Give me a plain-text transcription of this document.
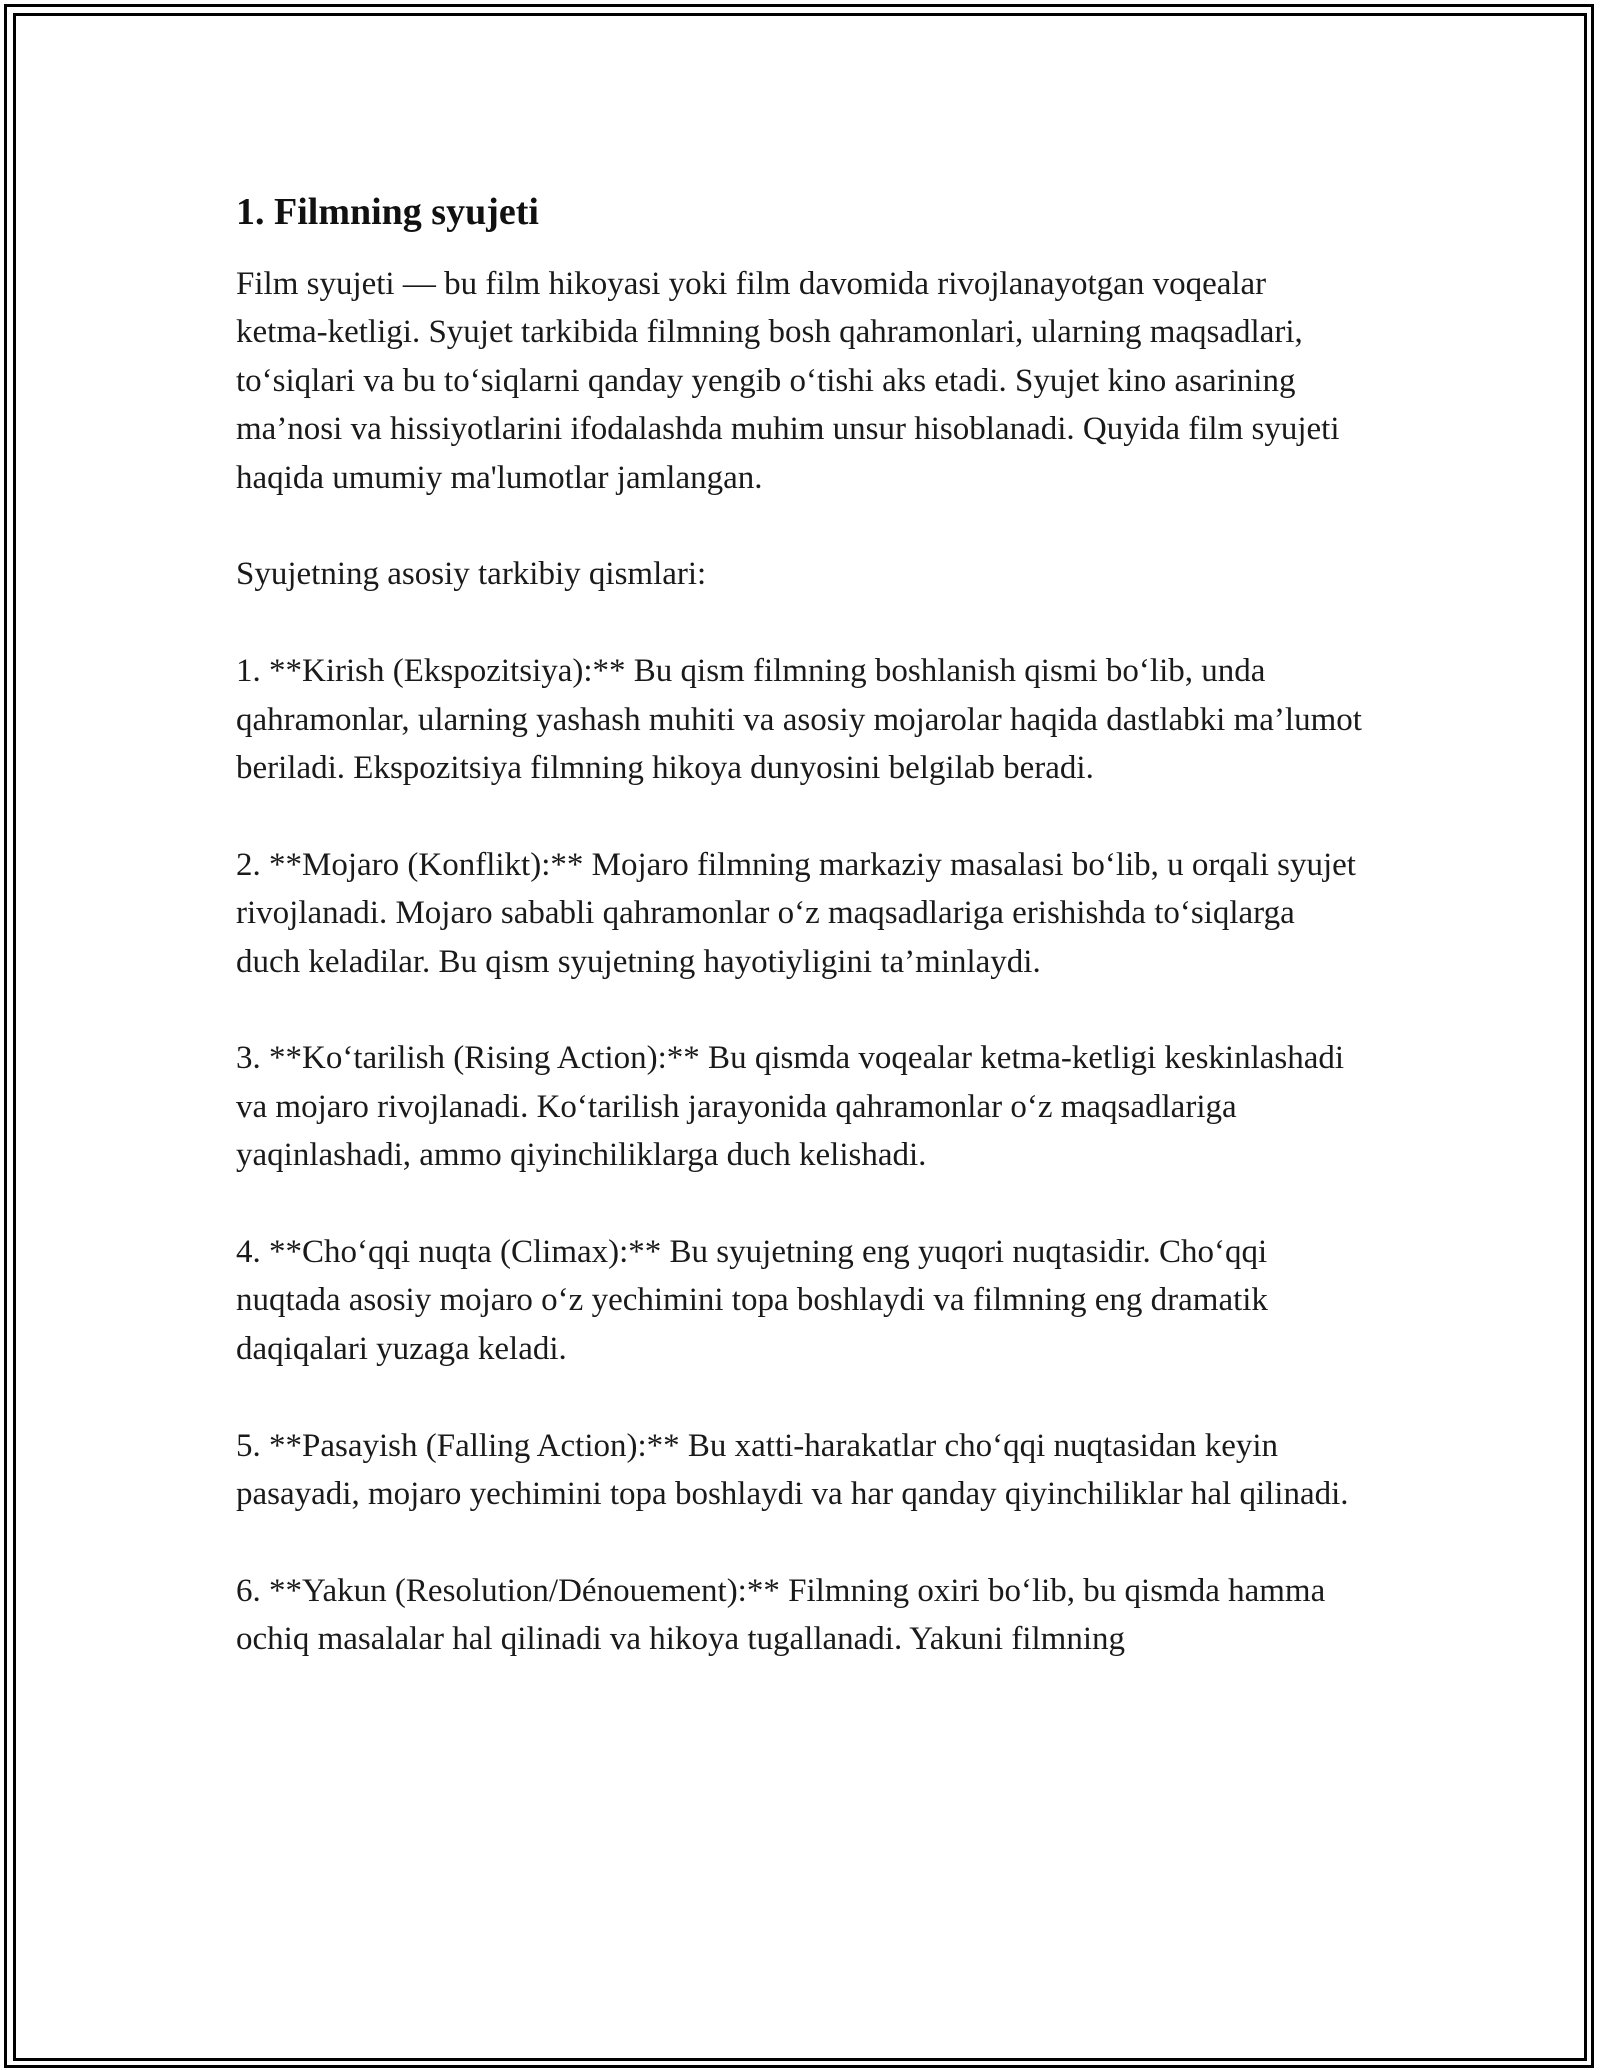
1. Filmning syujeti

Film syujeti — bu film hikoyasi yoki film davomida rivojlanayotgan voqealar ketma-ketligi. Syujet tarkibida filmning bosh qahramonlari, ularning maqsadlari, to‘siqlari va bu to‘siqlarni qanday yengib o‘tishi aks etadi. Syujet kino asarining ma’nosi va hissiyotlarini ifodalashda muhim unsur hisoblanadi. Quyida film syujeti haqida umumiy ma'lumotlar jamlangan.

Syujetning asosiy tarkibiy qismlari:

1. **Kirish (Ekspozitsiya):** Bu qism filmning boshlanish qismi bo‘lib, unda qahramonlar, ularning yashash muhiti va asosiy mojarolar haqida dastlabki ma’lumot beriladi. Ekspozitsiya filmning hikoya dunyosini belgilab beradi.

2. **Mojaro (Konflikt):** Mojaro filmning markaziy masalasi bo‘lib, u orqali syujet rivojlanadi. Mojaro sababli qahramonlar o‘z maqsadlariga erishishda to‘siqlarga duch keladilar. Bu qism syujetning hayotiyligini ta’minlaydi.

3. **Ko‘tarilish (Rising Action):** Bu qismda voqealar ketma-ketligi keskinlashadi va mojaro rivojlanadi. Ko‘tarilish jarayonida qahramonlar o‘z maqsadlariga yaqinlashadi, ammo qiyinchiliklarga duch kelishadi.

4. **Cho‘qqi nuqta (Climax):** Bu syujetning eng yuqori nuqtasidir. Cho‘qqi nuqtada asosiy mojaro o‘z yechimini topa boshlaydi va filmning eng dramatik daqiqalari yuzaga keladi.

5. **Pasayish (Falling Action):** Bu xatti-harakatlar cho‘qqi nuqtasidan keyin pasayadi, mojaro yechimini topa boshlaydi va har qanday qiyinchiliklar hal qilinadi.

6. **Yakun (Resolution/Dénouement):** Filmning oxiri bo‘lib, bu qismda hamma ochiq masalalar hal qilinadi va hikoya tugallanadi. Yakuni filmning
